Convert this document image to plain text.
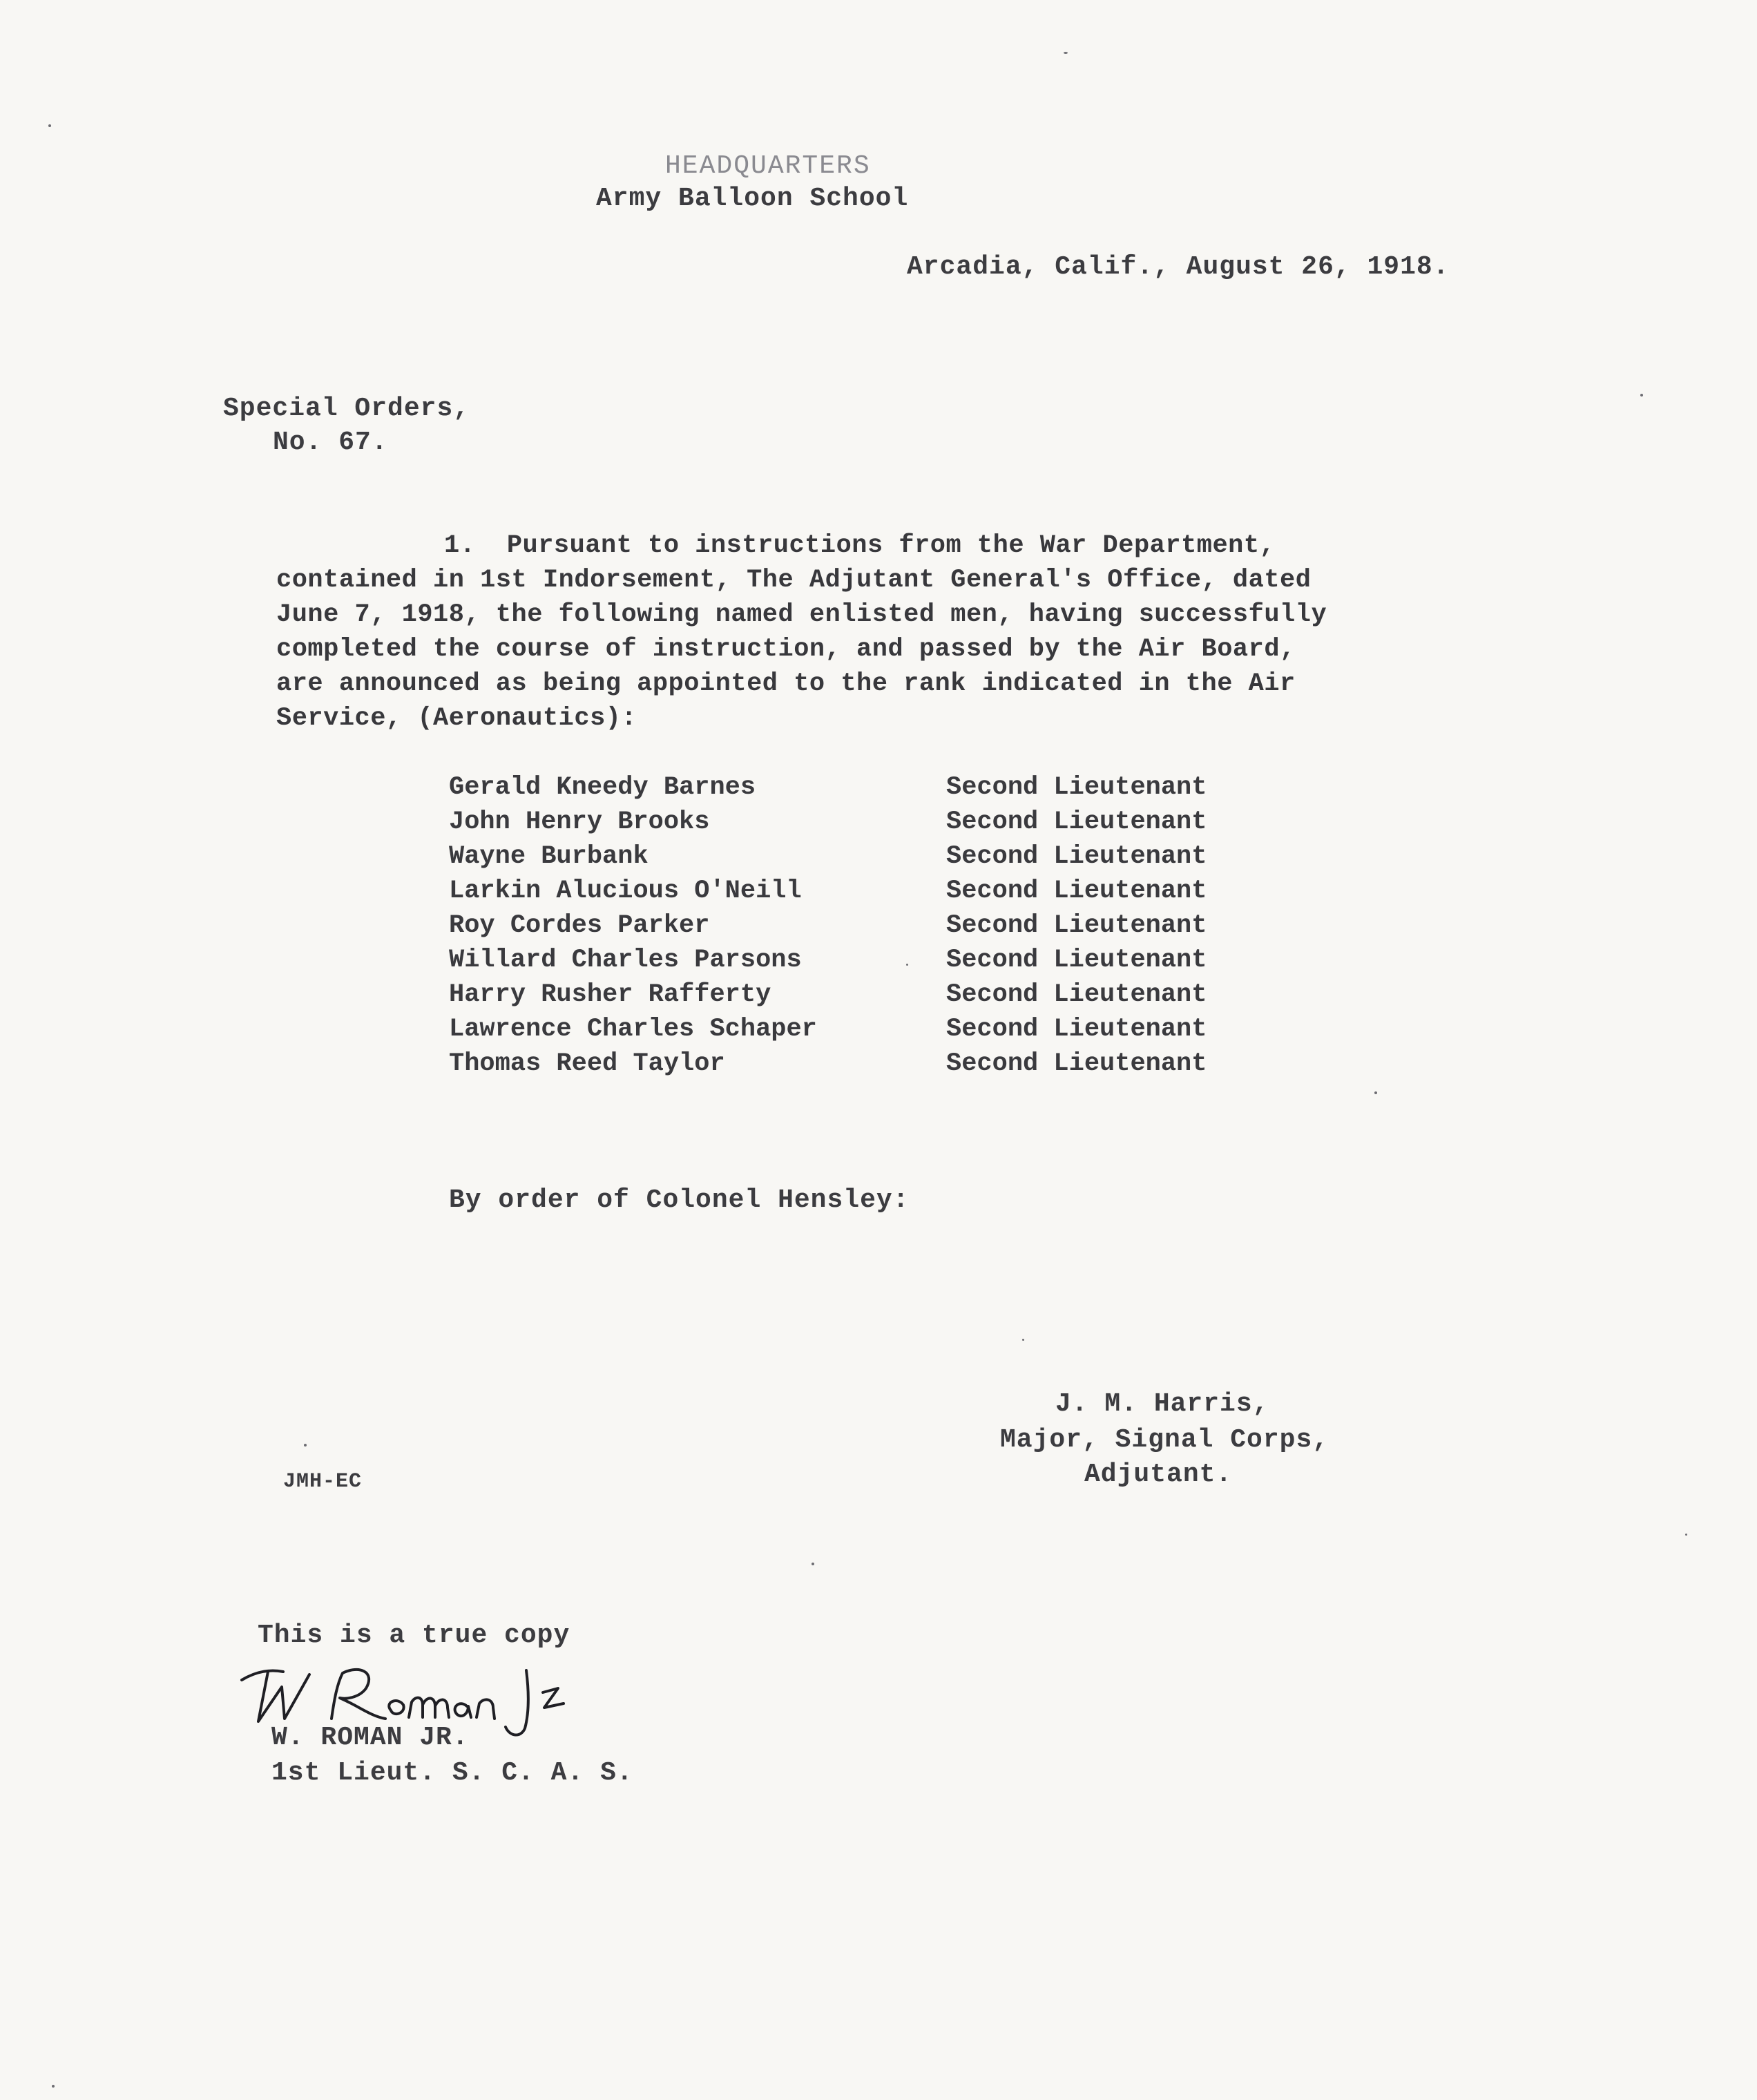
HEADQUARTERS
Army Balloon School
Arcadia, Calif., August 26, 1918.
Special Orders,
No. 67.
1.  Pursuant to instructions from the War Department,
contained in 1st Indorsement, The Adjutant General's Office, dated
June 7, 1918, the following named enlisted men, having successfully
completed the course of instruction, and passed by the Air Board,
are announced as being appointed to the rank indicated in the Air
Service, (Aeronautics):
Gerald Kneedy Barnes	Second Lieutenant
John Henry Brooks	Second Lieutenant
Wayne Burbank	Second Lieutenant
Larkin Alucious O'Neill	Second Lieutenant
Roy Cordes Parker	Second Lieutenant
Willard Charles Parsons	Second Lieutenant
Harry Rusher Rafferty	Second Lieutenant
Lawrence Charles Schaper	Second Lieutenant
Thomas Reed Taylor	Second Lieutenant
By order of Colonel Hensley:
J. M. Harris,
Major, Signal Corps,
Adjutant.
JMH-EC
This is a true copy
W. ROMAN JR.
1st Lieut. S. C. A. S.
